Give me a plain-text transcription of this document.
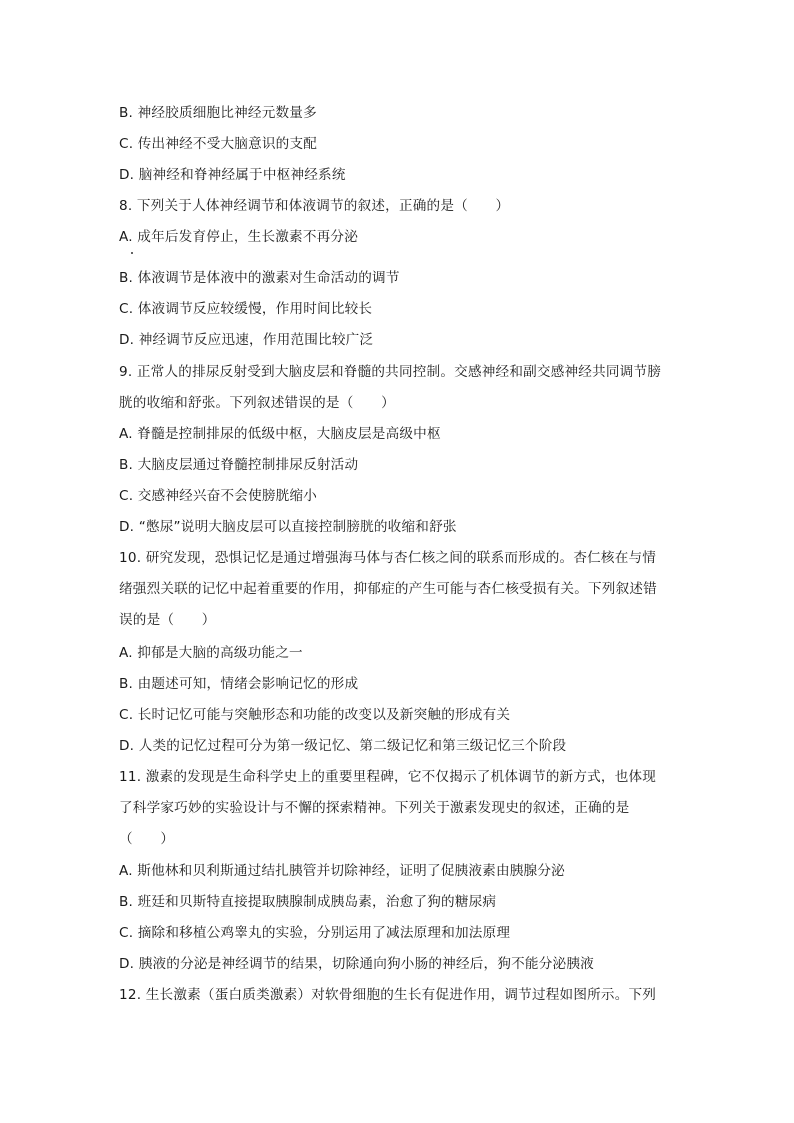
B. 神经胶质细胞比神经元数量多
C. 传出神经不受大脑意识的支配
D. 脑神经和脊神经属于中枢神经系统
8. 下列关于人体神经调节和体液调节的叙述，正确的是（　　）
A. 成年后发育停止，生长激素不再分泌
B. 体液调节是体液中的激素对生命活动的调节
C. 体液调节反应较缓慢，作用时间比较长
D. 神经调节反应迅速，作用范围比较广泛
9. 正常人的排尿反射受到大脑皮层和脊髓的共同控制。交感神经和副交感神经共同调节膀
胱的收缩和舒张。下列叙述错误的是（　　）
A. 脊髓是控制排尿的低级中枢，大脑皮层是高级中枢
B. 大脑皮层通过脊髓控制排尿反射活动
C. 交感神经兴奋不会使膀胱缩小
D. “憋尿”说明大脑皮层可以直接控制膀胱的收缩和舒张
10. 研究发现，恐惧记忆是通过增强海马体与杏仁核之间的联系而形成的。杏仁核在与情
绪强烈关联的记忆中起着重要的作用，抑郁症的产生可能与杏仁核受损有关。下列叙述错
误的是（　　）
A. 抑郁是大脑的高级功能之一
B. 由题述可知，情绪会影响记忆的形成
C. 长时记忆可能与突触形态和功能的改变以及新突触的形成有关
D. 人类的记忆过程可分为第一级记忆、第二级记忆和第三级记忆三个阶段
11. 激素的发现是生命科学史上的重要里程碑，它不仅揭示了机体调节的新方式，也体现
了科学家巧妙的实验设计与不懈的探索精神。下列关于激素发现史的叙述，正确的是
（　　）
A. 斯他林和贝利斯通过结扎胰管并切除神经，证明了促胰液素由胰腺分泌
B. 班廷和贝斯特直接提取胰腺制成胰岛素，治愈了狗的糖尿病
C. 摘除和移植公鸡睾丸的实验，分别运用了减法原理和加法原理
D. 胰液的分泌是神经调节的结果，切除通向狗小肠的神经后，狗不能分泌胰液
12. 生长激素（蛋白质类激素）对软骨细胞的生长有促进作用，调节过程如图所示。下列
